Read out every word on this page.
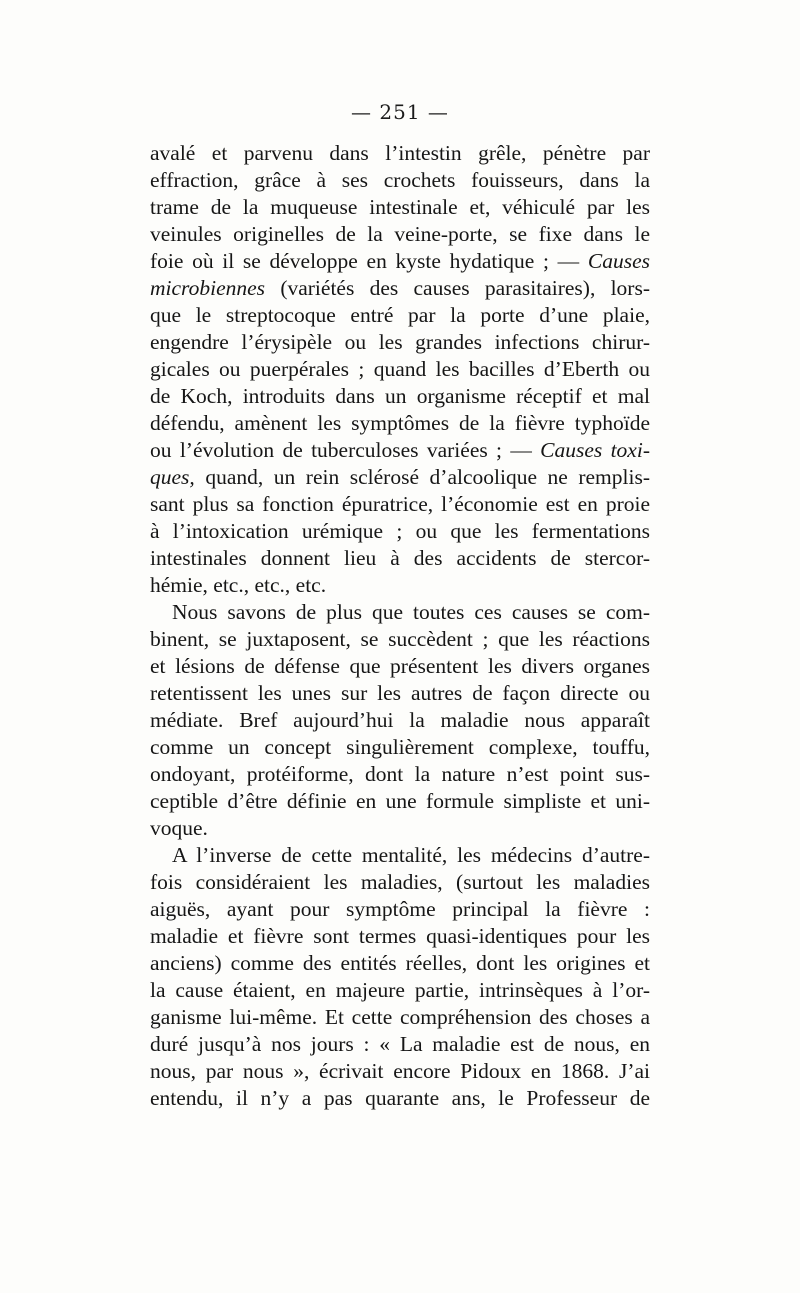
— 251 —
avalé et parvenu dans l’intestin grêle, pénètre par
effraction, grâce à ses crochets fouisseurs, dans la
trame de la muqueuse intestinale et, véhiculé par les
veinules originelles de la veine-porte, se fixe dans le
foie où il se développe en kyste hydatique ; — Causes
microbiennes (variétés des causes parasitaires), lors-
que le streptocoque entré par la porte d’une plaie,
engendre l’érysipèle ou les grandes infections chirur-
gicales ou puerpérales ; quand les bacilles d’Eberth ou
de Koch, introduits dans un organisme réceptif et mal
défendu, amènent les symptômes de la fièvre typhoïde
ou l’évolution de tuberculoses variées ; — Causes toxi-
ques, quand, un rein sclérosé d’alcoolique ne remplis-
sant plus sa fonction épuratrice, l’économie est en proie
à l’intoxication urémique ; ou que les fermentations
intestinales donnent lieu à des accidents de stercor-
hémie, etc., etc., etc.
Nous savons de plus que toutes ces causes se com-
binent, se juxtaposent, se succèdent ; que les réactions
et lésions de défense que présentent les divers organes
retentissent les unes sur les autres de façon directe ou
médiate. Bref aujourd’hui la maladie nous apparaît
comme un concept singulièrement complexe, touffu,
ondoyant, protéiforme, dont la nature n’est point sus-
ceptible d’être définie en une formule simpliste et uni-
voque.
A l’inverse de cette mentalité, les médecins d’autre-
fois considéraient les maladies, (surtout les maladies
aiguës, ayant pour symptôme principal la fièvre :
maladie et fièvre sont termes quasi-identiques pour les
anciens) comme des entités réelles, dont les origines et
la cause étaient, en majeure partie, intrinsèques à l’or-
ganisme lui-même. Et cette compréhension des choses a
duré jusqu’à nos jours : « La maladie est de nous, en
nous, par nous », écrivait encore Pidoux en 1868. J’ai
entendu, il n’y a pas quarante ans, le Professeur de
